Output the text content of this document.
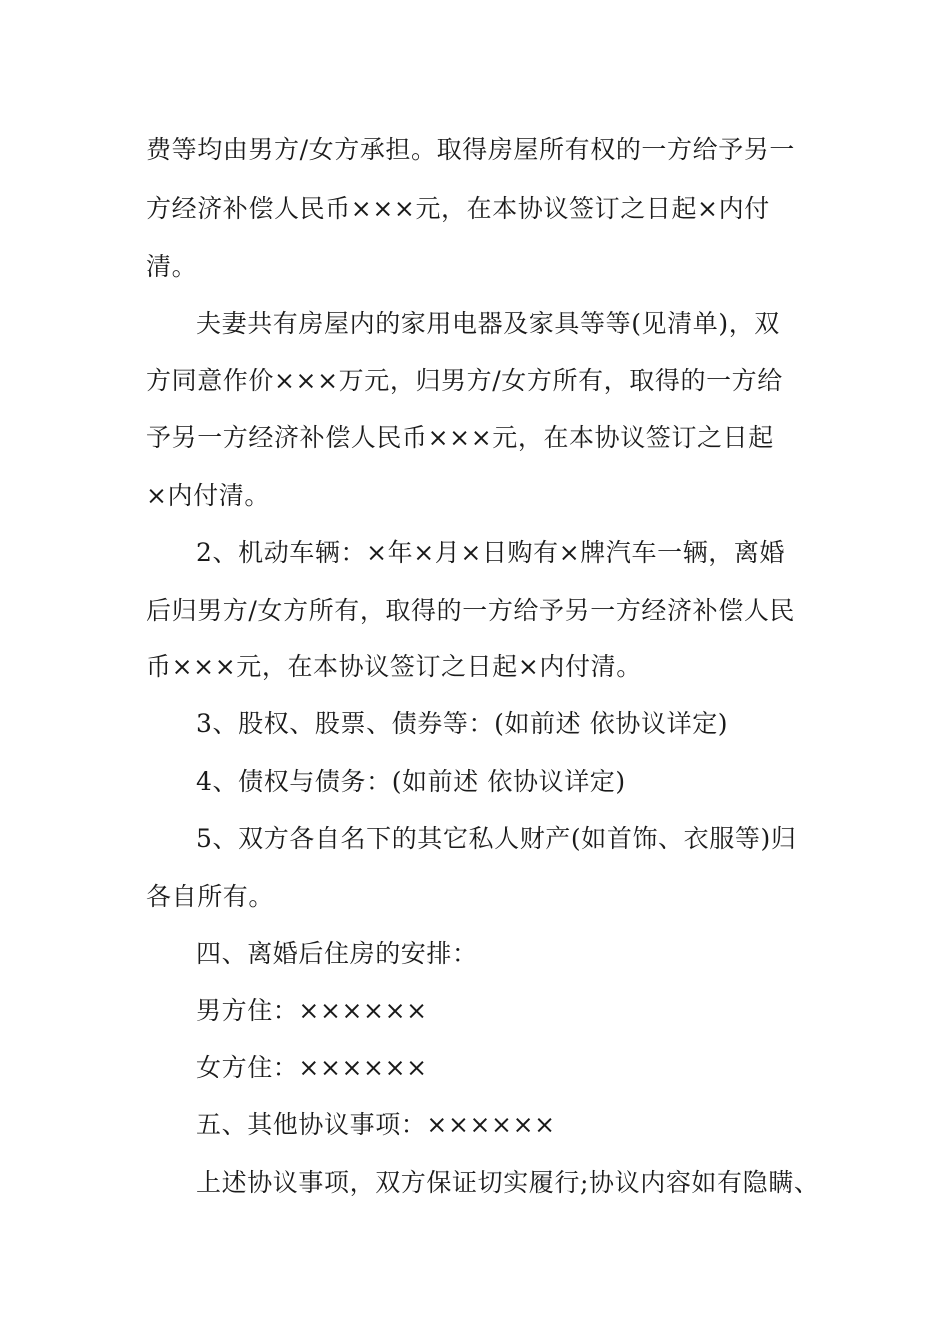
费等均由男方/女方承担。取得房屋所有权的一方给予另一
方经济补偿人民币×××元，在本协议签订之日起×内付
清。
夫妻共有房屋内的家用电器及家具等等(见清单)，双
方同意作价×××万元，归男方/女方所有，取得的一方给
予另一方经济补偿人民币×××元，在本协议签订之日起
×内付清。
2、机动车辆：×年×月×日购有×牌汽车一辆，离婚
后归男方/女方所有，取得的一方给予另一方经济补偿人民
币×××元，在本协议签订之日起×内付清。
3、股权、股票、债券等：(如前述 依协议详定)
4、债权与债务：(如前述 依协议详定)
5、双方各自名下的其它私人财产(如首饰、衣服等)归
各自所有。
四、离婚后住房的安排：
男方住：××××××
女方住：××××××
五、其他协议事项：××××××
上述协议事项，双方保证切实履行;协议内容如有隐瞒、
